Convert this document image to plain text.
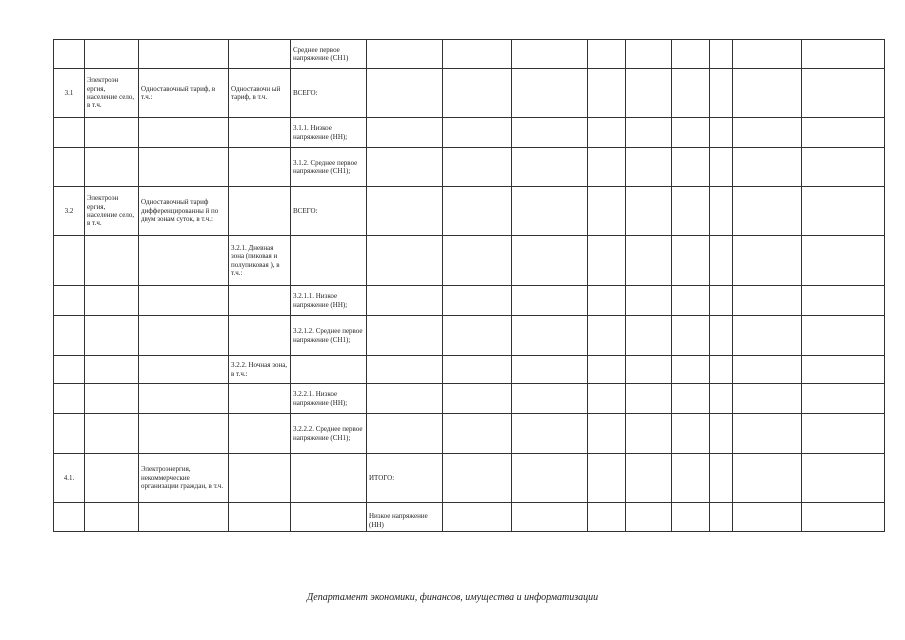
				Среднее первое напряжение (СН1)									
3.1	Электроэн ергия, население село, в т.ч.	Одноставочный тариф, в т.ч.:	Одноставочн ый тариф, в т.ч.	ВСЕГО:									
				3.1.1. Низкое напряжение (НН);									
				3.1.2. Среднее первое напряжение (СН1);									
3.2	Электроэн ергия, население село, в т.ч.	Одноставочный тариф дифференцированны й по двум зонам суток, в т.ч.:		ВСЕГО:									
			3.2.1. Дневная зона (пиковая и полупиковая ), в т.ч.:										
				3.2.1.1. Низкое напряжение (НН);									
				3.2.1.2. Среднее первое напряжение (СН1);									
			3.2.2. Ночная зона, в т.ч.:										
				3.2.2.1. Низкое напряжение (НН);									
				3.2.2.2. Среднее первое напряжение (СН1);									
4.1.		Электроэнергия, некоммерческие организации граждан, в т.ч.			ИТОГО:								
					Низкое напряжение (НН)								
Департамент экономики, финансов, имущества и информатизации
